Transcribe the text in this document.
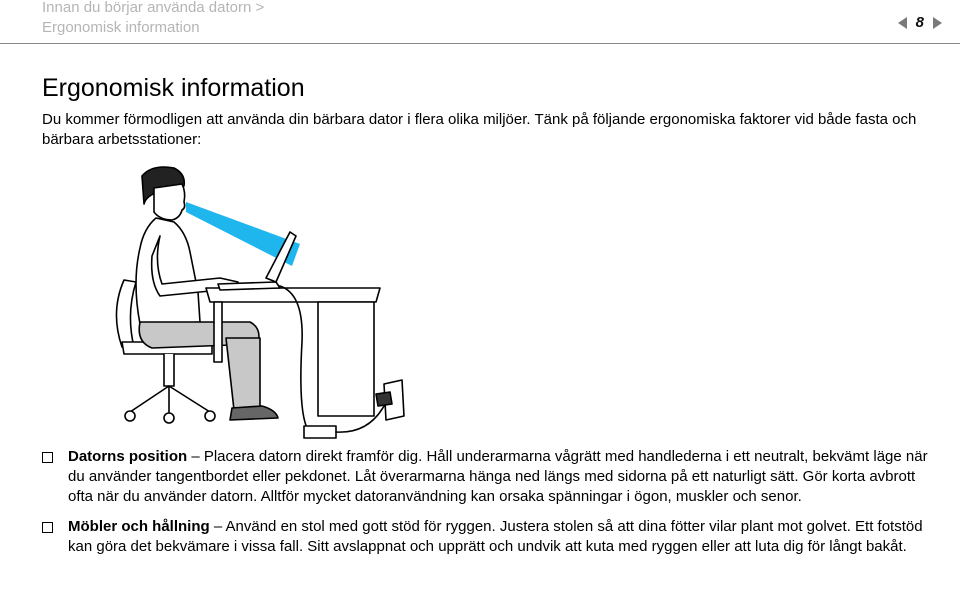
Innan du börjar använda datorn >
Ergonomisk information	8
Ergonomisk information

Du kommer förmodligen att använda din bärbara dator i flera olika miljöer. Tänk på följande ergonomiska faktorer vid både fasta och bärbara arbetsstationer:

Datorns position – Placera datorn direkt framför dig. Håll underarmarna vågrätt med handlederna i ett neutralt, bekvämt läge när du använder tangentbordet eller pekdonet. Låt överarmarna hänga ned längs med sidorna på ett naturligt sätt. Gör korta avbrott ofta när du använder datorn. Alltför mycket datoranvändning kan orsaka spänningar i ögon, muskler och senor.
Möbler och hållning – Använd en stol med gott stöd för ryggen. Justera stolen så att dina fötter vilar plant mot golvet. Ett fotstöd kan göra det bekvämare i vissa fall. Sitt avslappnat och upprätt och undvik att kuta med ryggen eller att luta dig för långt bakåt.
